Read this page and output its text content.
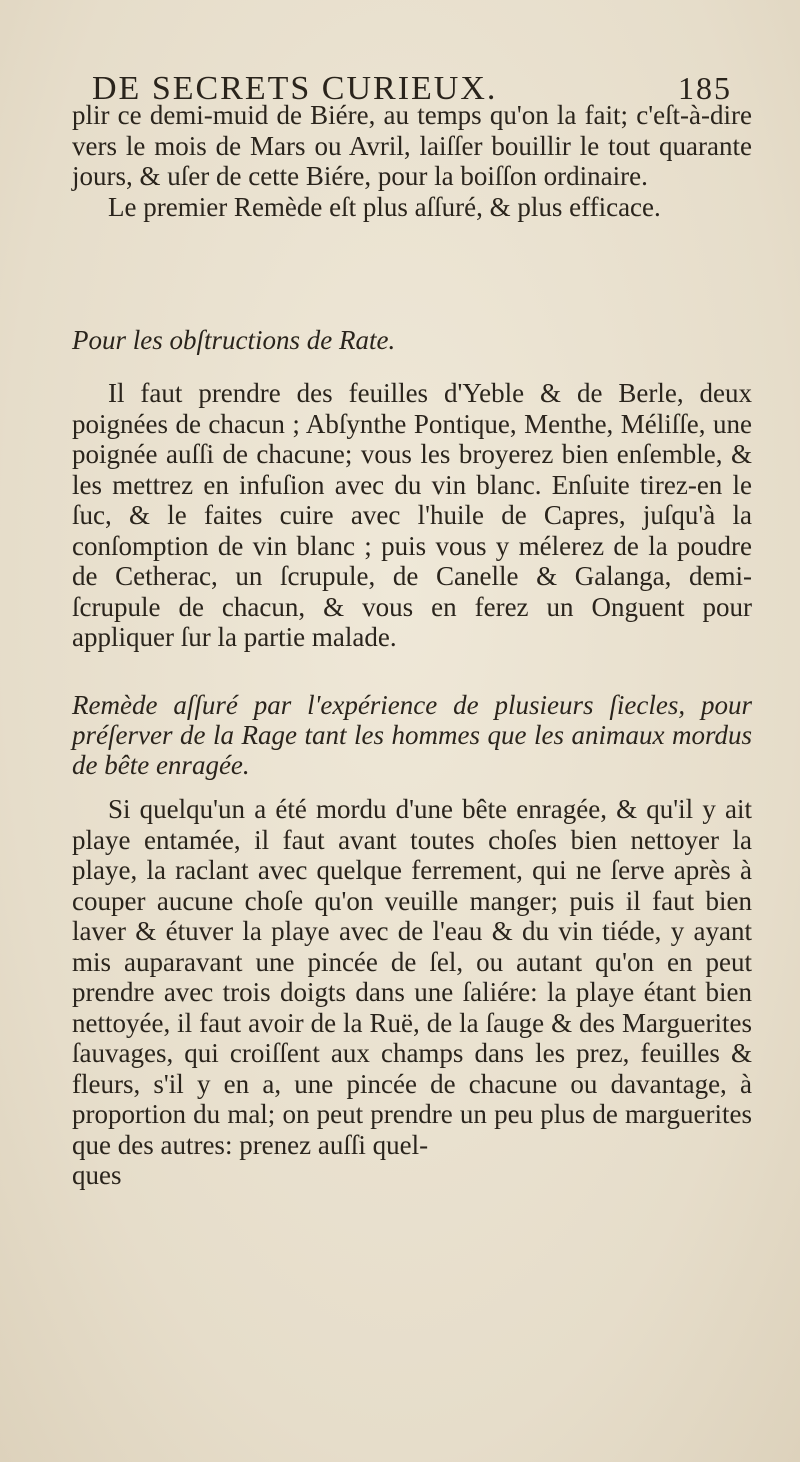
DE SECRETS CURIEUX.	185

plir ce demi-muid de Biére, au temps qu'on la fait; c'eſt-à-dire vers le mois de Mars ou Avril, laiſſer bouillir le tout quarante jours, & uſer de cette Biére, pour la boiſſon ordinaire.

Le premier Remède eſt plus aſſuré, & plus efficace.

Pour les obſtructions de Rate.

Il faut prendre des feuilles d'Yeble & de Berle, deux poignées de chacun ; Abſynthe Pontique, Menthe, Méliſſe, une poignée auſſi de chacune; vous les broyerez bien enſemble, & les mettrez en infuſion avec du vin blanc. Enſuite tirez-en le ſuc, & le faites cuire avec l'huile de Capres, juſqu'à la conſomption de vin blanc ; puis vous y mélerez de la poudre de Cetherac, un ſcrupule, de Canelle & Galanga, demi-ſcrupule de chacun, & vous en ferez un Onguent pour appliquer ſur la partie malade.

Remède aſſuré par l'expérience de plusieurs ſiecles, pour préſerver de la Rage tant les hommes que les animaux mordus de bête enragée.

Si quelqu'un a été mordu d'une bête enragée, & qu'il y ait playe entamée, il faut avant toutes choſes bien nettoyer la playe, la raclant avec quelque ferrement, qui ne ſerve après à couper aucune choſe qu'on veuille manger; puis il faut bien laver & étuver la playe avec de l'eau & du vin tiéde, y ayant mis auparavant une pincée de ſel, ou autant qu'on en peut prendre avec trois doigts dans une ſaliére: la playe étant bien nettoyée, il faut avoir de la Ruë, de la ſauge & des Marguerites ſauvages, qui croiſſent aux champs dans les prez, feuilles & fleurs, s'il y en a, une pincée de chacune ou davantage, à proportion du mal; on peut prendre un peu plus de marguerites que des autres: prenez auſſi quel-

ques
